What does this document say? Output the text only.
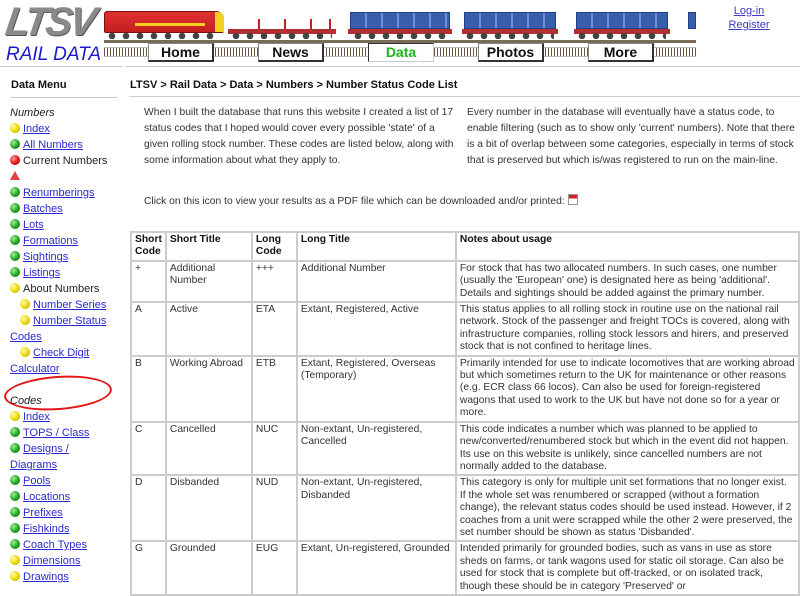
LTSV
RAIL DATA	Home	News	Data	Photos	More
Log-in
Register
Data Menu
Numbers
Index
All Numbers
Current Numbers
Renumberings
Batches
Lots
Formations
Sightings
Listings
About Numbers
Number Series
Number Status
Codes
Check Digit
Calculator
Codes
Index
TOPS / Class
Designs /
Diagrams
Pools
Locations
Prefixes
Fishkinds
Coach Types
Dimensions
Drawings
LTSV > Rail Data > Data > Numbers > Number Status Code List
When I built the database that runs this website I created a list of 17 status codes that I hoped would cover every possible 'state' of a given rolling stock number. These codes are listed below, along with some information about what they apply to.
Every number in the database will eventually have a status code, to enable filtering (such as to show only 'current' numbers). Note that there is a bit of overlap between some categories, especially in terms of stock that is preserved but which is/was registered to run on the main-line.
Click on this icon to view your results as a PDF file which can be downloaded and/or printed:
Short Code	Short Title	Long Code	Long Title	Notes about usage
+	Additional Number	+++	Additional Number	For stock that has two allocated numbers. In such cases, one number (usually the 'European' one) is designated here as being 'additional'. Details and sightings should be added against the primary number.
A	Active	ETA	Extant, Registered, Active	This status applies to all rolling stock in routine use on the national rail network. Stock of the passenger and freight TOCs is covered, along with infrastructure companies, rolling stock lessors and hirers, and preserved stock that is not confined to heritage lines.
B	Working Abroad	ETB	Extant, Registered, Overseas (Temporary)	Primarily intended for use to indicate locomotives that are working abroad but which sometimes return to the UK for maintenance or other reasons (e.g. ECR class 66 locos). Can also be used for foreign-registered wagons that used to work to the UK but have not done so for a year or more.
C	Cancelled	NUC	Non-extant, Un-registered, Cancelled	This code indicates a number which was planned to be applied to new/converted/renumbered stock but which in the event did not happen. Its use on this website is unlikely, since cancelled numbers are not normally added to the database.
D	Disbanded	NUD	Non-extant, Un-registered, Disbanded	This category is only for multiple unit set formations that no longer exist. If the whole set was renumbered or scrapped (without a formation change), the relevant status codes should be used instead. However, if 2 coaches from a unit were scrapped while the other 2 were preserved, the set number should be shown as status 'Disbanded'.
G	Grounded	EUG	Extant, Un-registered, Grounded	Intended primarily for grounded bodies, such as vans in use as store sheds on farms, or tank wagons used for static oil storage. Can also be used for stock that is complete but off-tracked, or on isolated track, though these should be in category 'Preserved' or
